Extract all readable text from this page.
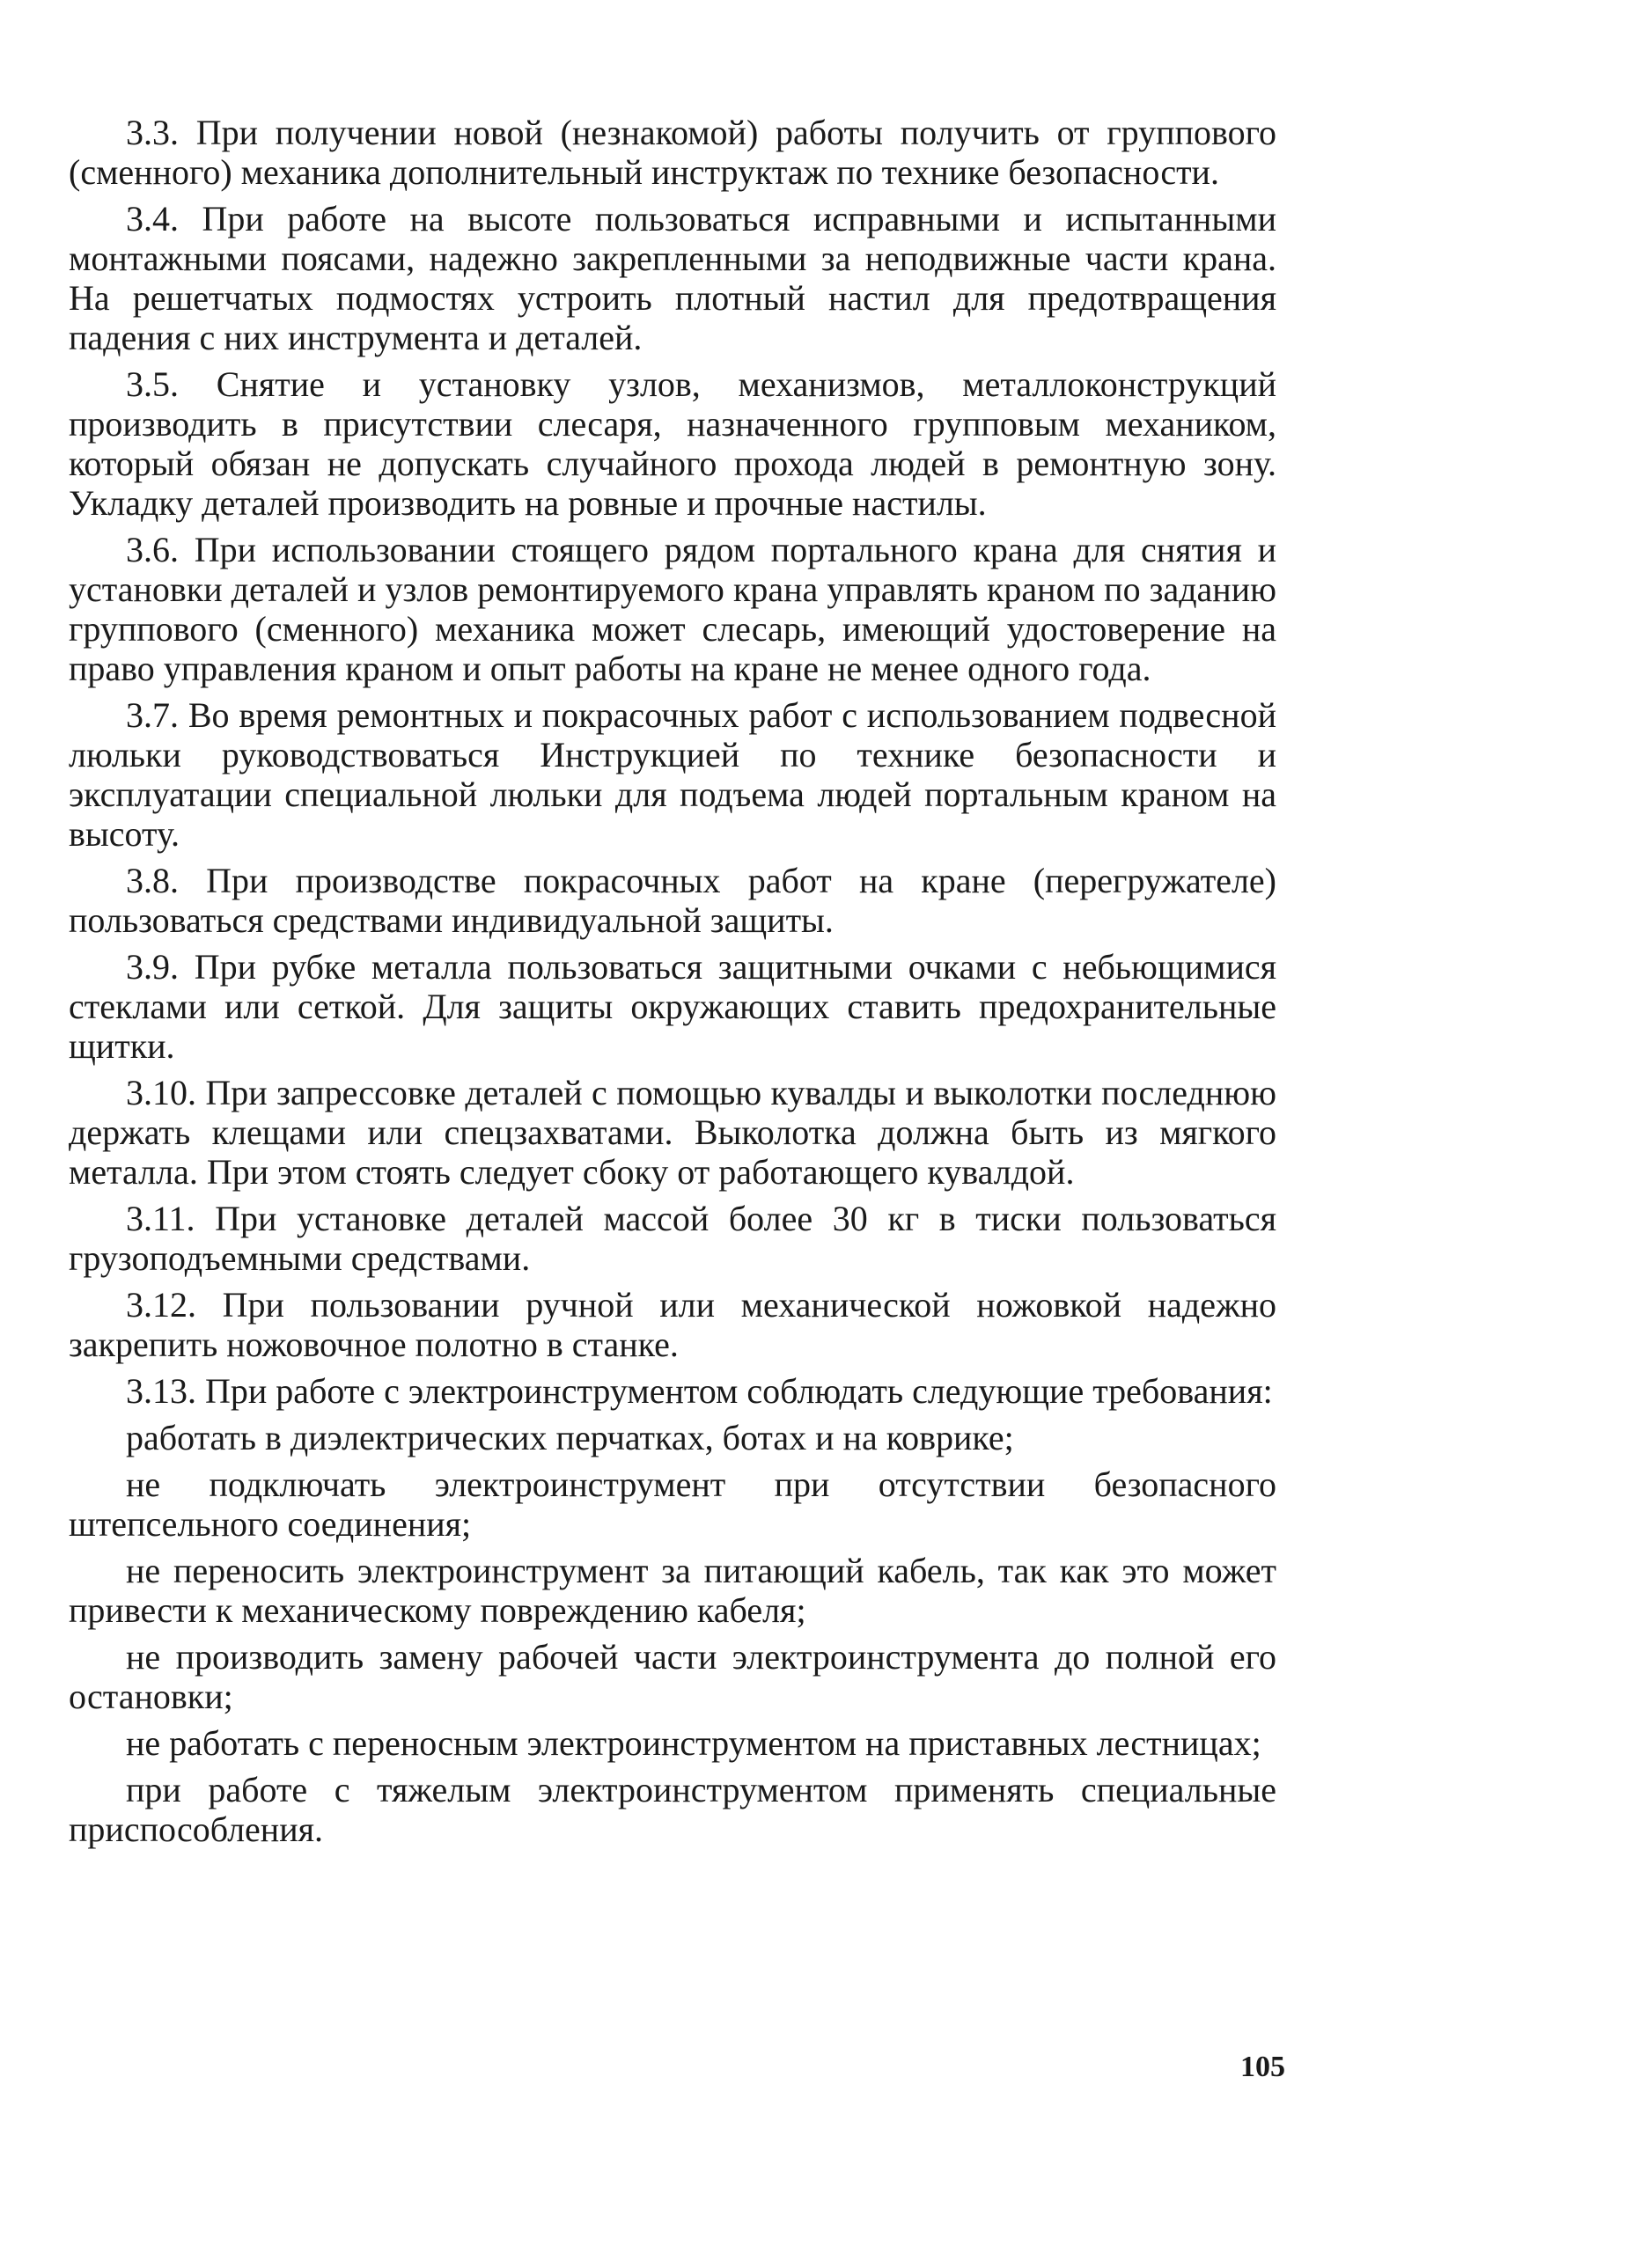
3.3. При получении новой (незнакомой) работы получить от группового (сменного) механика дополнительный инструктаж по технике безопасности.

3.4. При работе на высоте пользоваться исправными и испытанными монтажными поясами, надежно закрепленными за неподвижные части крана. На решетчатых подмостях устроить плотный настил для предотвращения падения с них инструмента и деталей.

3.5. Снятие и установку узлов, механизмов, металлоконструкций производить в присутствии слесаря, назначенного групповым механиком, который обязан не допускать случайного прохода людей в ремонтную зону. Укладку деталей производить на ровные и прочные настилы.

3.6. При использовании стоящего рядом портального крана для снятия и установки деталей и узлов ремонтируемого крана управлять краном по заданию группового (сменного) механика может слесарь, имеющий удостоверение на право управления краном и опыт работы на кране не менее одного года.

3.7. Во время ремонтных и покрасочных работ с использованием подвесной люльки руководствоваться Инструкцией по технике безопасности и эксплуатации специальной люльки для подъема людей портальным краном на высоту.

3.8. При производстве покрасочных работ на кране (перегружателе) пользоваться средствами индивидуальной защиты.

3.9. При рубке металла пользоваться защитными очками с небьющимися стеклами или сеткой. Для защиты окружающих ставить предохранительные щитки.

3.10. При запрессовке деталей с помощью кувалды и выколотки последнюю держать клещами или спецзахватами. Выколотка должна быть из мягкого металла. При этом стоять следует сбоку от работающего кувалдой.

3.11. При установке деталей массой более 30 кг в тиски пользоваться грузоподъемными средствами.

3.12. При пользовании ручной или механической ножовкой надежно закрепить ножовочное полотно в станке.

3.13. При работе с электроинструментом соблюдать следующие требования:

работать в диэлектрических перчатках, ботах и на коврике;

не подключать электроинструмент при отсутствии безопасного штепсельного соединения;

не переносить электроинструмент за питающий кабель, так как это может привести к механическому повреждению кабеля;

не производить замену рабочей части электроинструмента до полной его остановки;

не работать с переносным электроинструментом на приставных лестницах;

при работе с тяжелым электроинструментом применять специальные приспособления.

105
